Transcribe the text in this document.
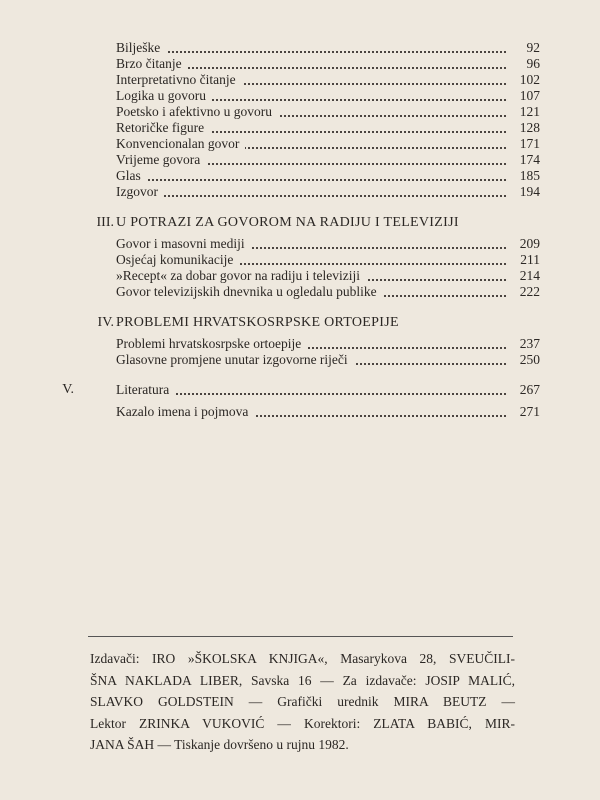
Bilješke	92
Brzo čitanje	96
Interpretativno čitanje	102
Logika u govoru	107
Poetsko i afektivno u govoru	121
Retoričke figure	128
Konvencionalan govor	171
Vrijeme govora	174
Glas	185
Izgovor	194
III. U POTRAZI ZA GOVOROM NA RADIJU I TELEVIZIJI
Govor i masovni mediji	209
Osjećaj komunikacije	211
»Recept« za dobar govor na radiju i televiziji	214
Govor televizijskih dnevnika u ogledalu publike	222
IV. PROBLEMI HRVATSKOSRPSKE ORTOEPIJE
Problemi hrvatskosrpske ortoepije	237
Glasovne promjene unutar izgovorne riječi	250
V.	Literatura	267
Kazalo imena i pojmova	271
Izdavači: IRO »ŠKOLSKA KNJIGA«, Masarykova 28, SVEUČILI-
ŠNA NAKLADA LIBER, Savska 16 — Za izdavače: JOSIP MALIĆ,
SLAVKO GOLDSTEIN — Grafički urednik MIRA BEUTZ —
Lektor ZRINKA VUKOVIĆ — Korektori: ZLATA BABIĆ, MIR-
JANA ŠAH — Tiskanje dovršeno u rujnu 1982.
